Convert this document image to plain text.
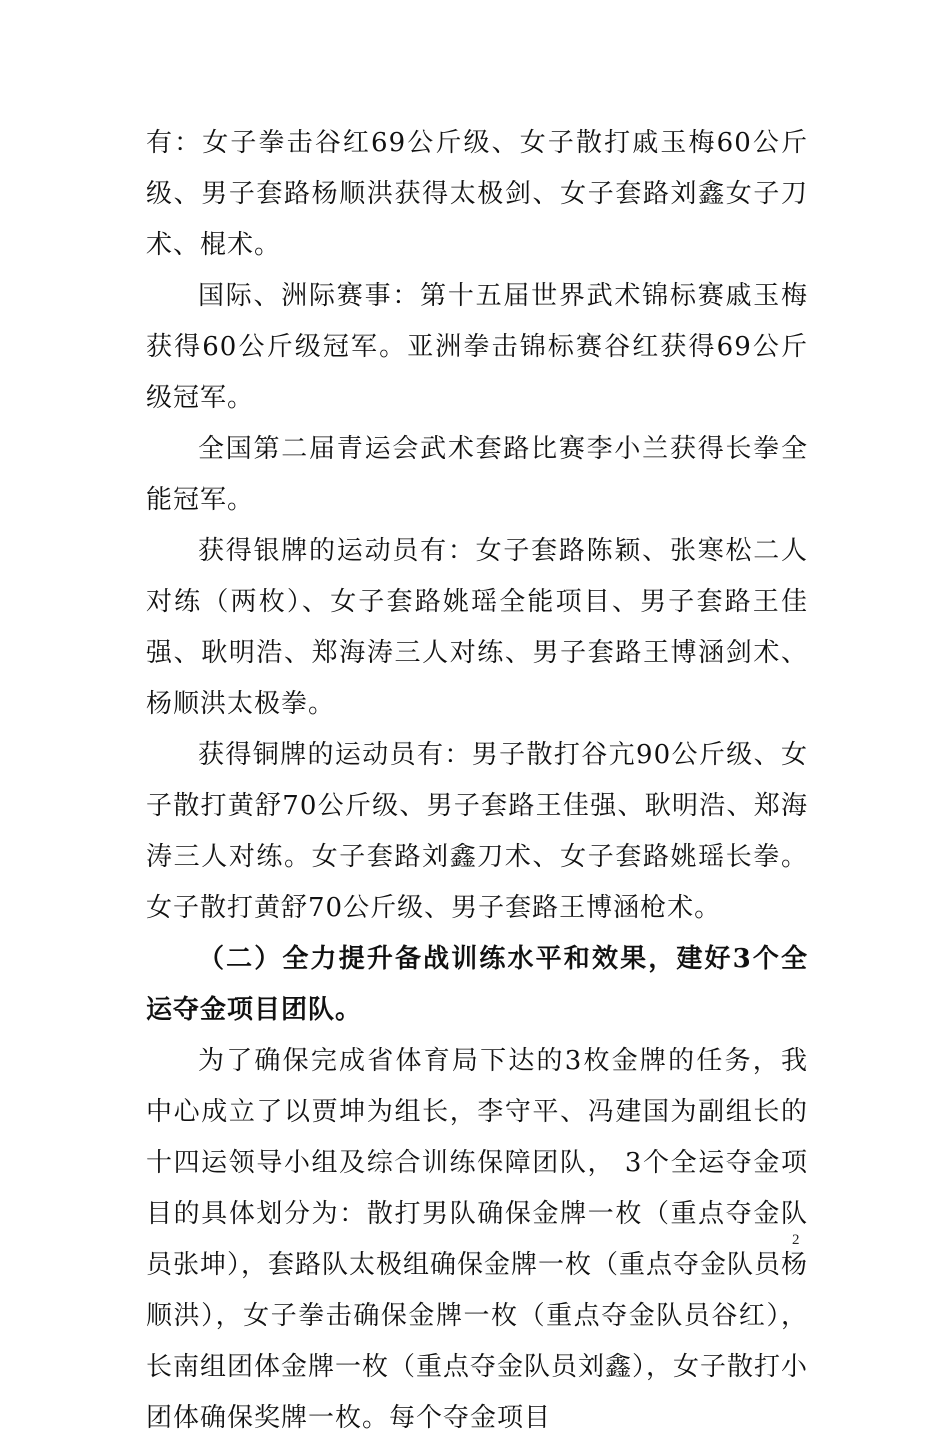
有：女子拳击谷红69公斤级、女子散打戚玉梅60公斤级、男子套路杨顺洪获得太极剑、女子套路刘鑫女子刀术、棍术。

国际、洲际赛事：第十五届世界武术锦标赛戚玉梅获得60公斤级冠军。亚洲拳击锦标赛谷红获得69公斤级冠军。

全国第二届青运会武术套路比赛李小兰获得长拳全能冠军。

获得银牌的运动员有：女子套路陈颖、张寒松二人对练（两枚）、女子套路姚瑶全能项目、男子套路王佳强、耿明浩、郑海涛三人对练、男子套路王博涵剑术、杨顺洪太极拳。

获得铜牌的运动员有：男子散打谷亢90公斤级、女子散打黄舒70公斤级、男子套路王佳强、耿明浩、郑海涛三人对练。女子套路刘鑫刀术、女子套路姚瑶长拳。女子散打黄舒70公斤级、男子套路王博涵枪术。

（二）全力提升备战训练水平和效果，建好3个全运夺金项目团队。

为了确保完成省体育局下达的3枚金牌的任务，我中心成立了以贾坤为组长，李守平、冯建国为副组长的十四运领导小组及综合训练保障团队， 3个全运夺金项目的具体划分为：散打男队确保金牌一枚（重点夺金队员张坤），套路队太极组确保金牌一枚（重点夺金队员杨顺洪），女子拳击确保金牌一枚（重点夺金队员谷红），长南组团体金牌一枚（重点夺金队员刘鑫），女子散打小团体确保奖牌一枚。每个夺金项目

2
